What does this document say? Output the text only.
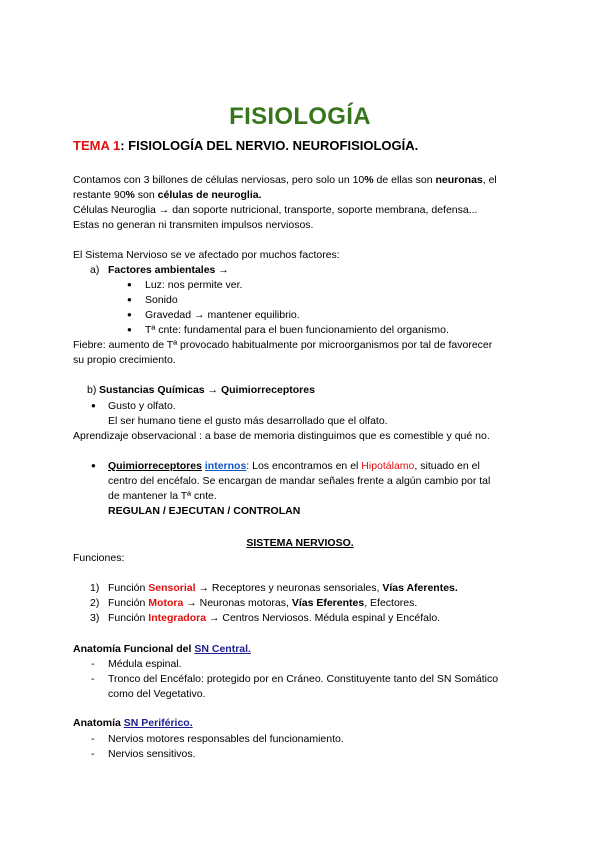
FISIOLOGÍA
TEMA 1: FISIOLOGÍA DEL NERVIO. NEUROFISIOLOGÍA.
Contamos con 3 billones de células nerviosas, pero solo un 10% de ellas son neuronas, el
restante 90% son células de neuroglia.
Células Neuroglia → dan soporte nutricional, transporte, soporte membrana, defensa...
Estas no generan ni transmiten impulsos nerviosos.
El Sistema Nervioso se ve afectado por muchos factores:
a) Factores ambientales →
● Luz: nos permite ver.
● Sonido
● Gravedad → mantener equilibrio.
● Tª cnte: fundamental para el buen funcionamiento del organismo.
Fiebre: aumento de Tª provocado habitualmente por microorganismos por tal de favorecer
su propio crecimiento.
b) Sustancias Químicas → Quimiorreceptores
● Gusto y olfato.
El ser humano tiene el gusto más desarrollado que el olfato.
Aprendizaje observacional : a base de memoria distinguimos que es comestible y qué no.
● Quimiorreceptores internos: Los encontramos en el Hipotálamo, situado en el
centro del encéfalo. Se encargan de mandar señales frente a algún cambio por tal
de mantener la Tª cnte.
REGULAN / EJECUTAN / CONTROLAN
SISTEMA NERVIOSO.
Funciones:
1) Función Sensorial → Receptores y neuronas sensoriales, Vías Aferentes.
2) Función Motora → Neuronas motoras, Vías Eferentes, Efectores.
3) Función Integradora → Centros Nerviosos. Médula espinal y Encéfalo.
Anatomía Funcional del SN Central.
- Médula espinal.
- Tronco del Encéfalo: protegido por en Cráneo. Constituyente tanto del SN Somático
como del Vegetativo.
Anatomía SN Periférico.
- Nervios motores responsables del funcionamiento.
- Nervios sensitivos.
